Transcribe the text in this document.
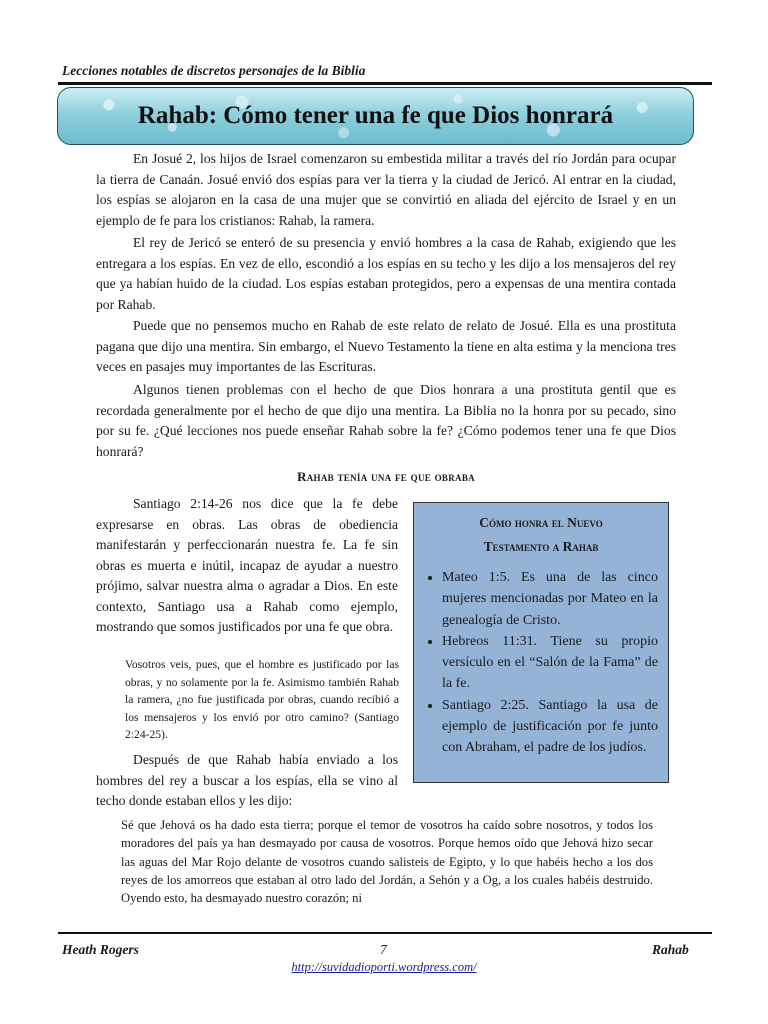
Lecciones notables de discretos personajes de la Biblia
Rahab: Cómo tener una fe que Dios honrará

En Josué 2, los hijos de Israel comenzaron su embestida militar a través del río Jordán para ocupar la tierra de Canaán. Josué envió dos espías para ver la tierra y la ciudad de Jericó. Al entrar en la ciudad, los espías se alojaron en la casa de una mujer que se convirtió en aliada del ejército de Israel y en un ejemplo de fe para los cristianos: Rahab, la ramera.

El rey de Jericó se enteró de su presencia y envió hombres a la casa de Rahab, exigiendo que les entregara a los espías. En vez de ello, escondió a los espías en su techo y les dijo a los mensajeros del rey que ya habían huido de la ciudad. Los espías estaban protegidos, pero a expensas de una mentira contada por Rahab.

Puede que no pensemos mucho en Rahab de este relato de relato de Josué. Ella es una prostituta pagana que dijo una mentira. Sin embargo, el Nuevo Testamento la tiene en alta estima y la menciona tres veces en pasajes muy importantes de las Escrituras.

Algunos tienen problemas con el hecho de que Dios honrara a una prostituta gentil que es recordada generalmente por el hecho de que dijo una mentira. La Biblia no la honra por su pecado, sino por su fe. ¿Qué lecciones nos puede enseñar Rahab sobre la fe? ¿Cómo podemos tener una fe que Dios honrará?

Rahab tenía una fe que obraba

Santiago 2:14-26 nos dice que la fe debe expresarse en obras. Las obras de obediencia manifestarán y perfeccionarán nuestra fe. La fe sin obras es muerta e inútil, incapaz de ayudar a nuestro prójimo, salvar nuestra alma o agradar a Dios. En este contexto, Santiago usa a Rahab como ejemplo, mostrando que somos justificados por una fe que obra.

Vosotros veis, pues, que el hombre es justificado por las obras, y no solamente por la fe. Asimismo también Rahab la ramera, ¿no fue justificada por obras, cuando recibió a los mensajeros y los envió por otro camino? (Santiago 2:24-25).

Después de que Rahab había enviado a los hombres del rey a buscar a los espías, ella se vino al techo donde estaban ellos y les dijo:

Cómo honra el Nuevo
Testamento a Rahab
• Mateo 1:5. Es una de las cinco mujeres mencionadas por Mateo en la genealogía de Cristo.
• Hebreos 11:31. Tiene su propio versículo en el “Salón de la Fama” de la fe.
• Santiago 2:25. Santiago la usa de ejemplo de justificación por fe junto con Abraham, el padre de los judíos.

Sé que Jehová os ha dado esta tierra; porque el temor de vosotros ha caído sobre nosotros, y todos los moradores del país ya han desmayado por causa de vosotros. Porque hemos oído que Jehová hizo secar las aguas del Mar Rojo delante de vosotros cuando salisteis de Egipto, y lo que habéis hecho a los dos reyes de los amorreos que estaban al otro lado del Jordán, a Sehón y a Og, a los cuales habéis destruido. Oyendo esto, ha desmayado nuestro corazón; ni

Heath Rogers	7	Rahab
http://suvidadioporti.wordpress.com/
